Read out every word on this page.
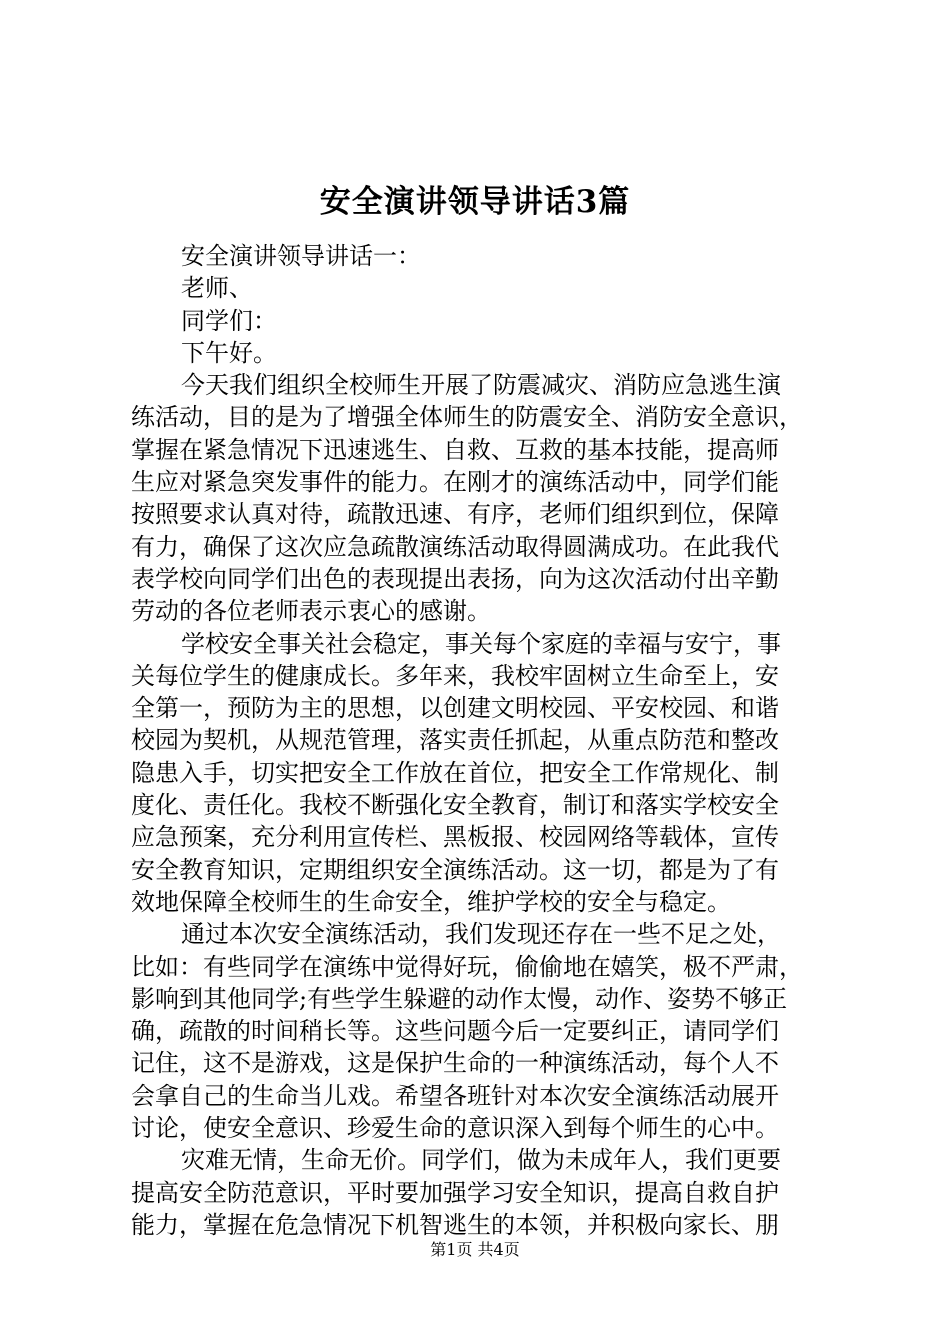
安全演讲领导讲话3篇
安全演讲领导讲话一：
老师、
同学们：
下午好。
今天我们组织全校师生开展了防震减灾、消防应急逃生演
练活动，目的是为了增强全体师生的防震安全、消防安全意识，
掌握在紧急情况下迅速逃生、自救、互救的基本技能，提高师
生应对紧急突发事件的能力。在刚才的演练活动中，同学们能
按照要求认真对待，疏散迅速、有序，老师们组织到位，保障
有力，确保了这次应急疏散演练活动取得圆满成功。在此我代
表学校向同学们出色的表现提出表扬，向为这次活动付出辛勤
劳动的各位老师表示衷心的感谢。
学校安全事关社会稳定，事关每个家庭的幸福与安宁，事
关每位学生的健康成长。多年来，我校牢固树立生命至上，安
全第一，预防为主的思想，以创建文明校园、平安校园、和谐
校园为契机，从规范管理，落实责任抓起，从重点防范和整改
隐患入手，切实把安全工作放在首位，把安全工作常规化、制
度化、责任化。我校不断强化安全教育，制订和落实学校安全
应急预案，充分利用宣传栏、黑板报、校园网络等载体，宣传
安全教育知识，定期组织安全演练活动。这一切，都是为了有
效地保障全校师生的生命安全，维护学校的安全与稳定。
通过本次安全演练活动，我们发现还存在一些不足之处，
比如：有些同学在演练中觉得好玩，偷偷地在嬉笑，极不严肃，
影响到其他同学;有些学生躲避的动作太慢，动作、姿势不够正
确，疏散的时间稍长等。这些问题今后一定要纠正，请同学们
记住，这不是游戏，这是保护生命的一种演练活动，每个人不
会拿自己的生命当儿戏。希望各班针对本次安全演练活动展开
讨论，使安全意识、珍爱生命的意识深入到每个师生的心中。
灾难无情，生命无价。同学们，做为未成年人，我们更要
提高安全防范意识，平时要加强学习安全知识，提高自救自护
能力，掌握在危急情况下机智逃生的本领，并积极向家长、朋
第1页 共4页
